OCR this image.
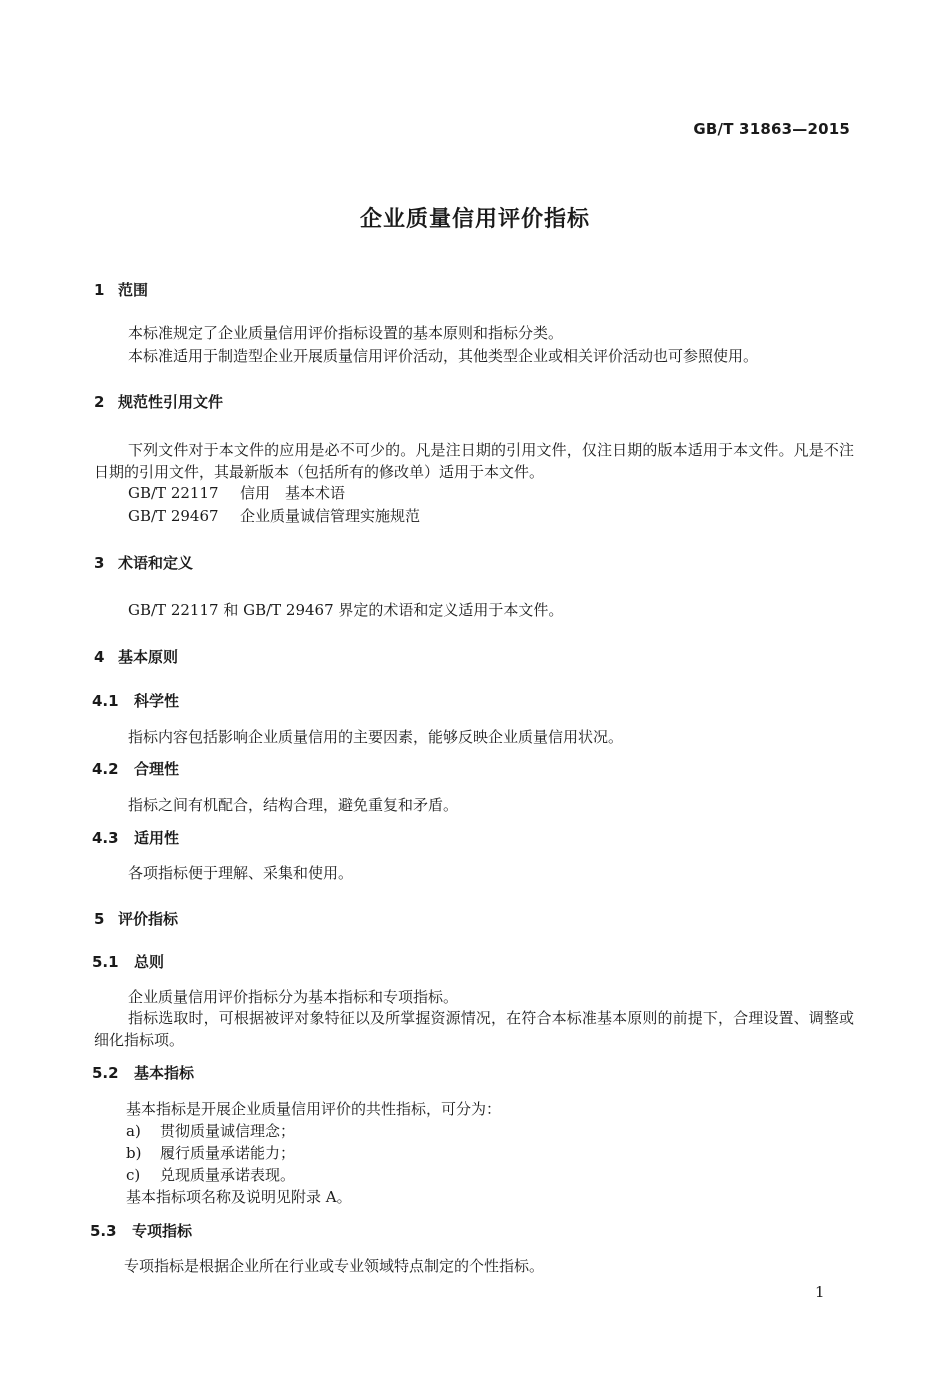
GB/T 31863—2015
企业质量信用评价指标
1 范围
本标准规定了企业质量信用评价指标设置的基本原则和指标分类。
本标准适用于制造型企业开展质量信用评价活动，其他类型企业或相关评价活动也可参照使用。
2 规范性引用文件
下列文件对于本文件的应用是必不可少的。凡是注日期的引用文件，仅注日期的版本适用于本文件。凡是不注日期的引用文件，其最新版本（包括所有的修改单）适用于本文件。
GB/T 22117 信用　基本术语
GB/T 29467 企业质量诚信管理实施规范
3 术语和定义
GB/T 22117 和 GB/T 29467 界定的术语和定义适用于本文件。
4 基本原则
4.1 科学性
指标内容包括影响企业质量信用的主要因素，能够反映企业质量信用状况。
4.2 合理性
指标之间有机配合，结构合理，避免重复和矛盾。
4.3 适用性
各项指标便于理解、采集和使用。
5 评价指标
5.1 总则
企业质量信用评价指标分为基本指标和专项指标。
指标选取时，可根据被评对象特征以及所掌握资源情况，在符合本标准基本原则的前提下，合理设置、调整或细化指标项。
5.2 基本指标
基本指标是开展企业质量信用评价的共性指标，可分为：
a) 贯彻质量诚信理念；
b) 履行质量承诺能力；
c) 兑现质量承诺表现。
基本指标项名称及说明见附录 A。
5.3 专项指标
专项指标是根据企业所在行业或专业领域特点制定的个性指标。
1
